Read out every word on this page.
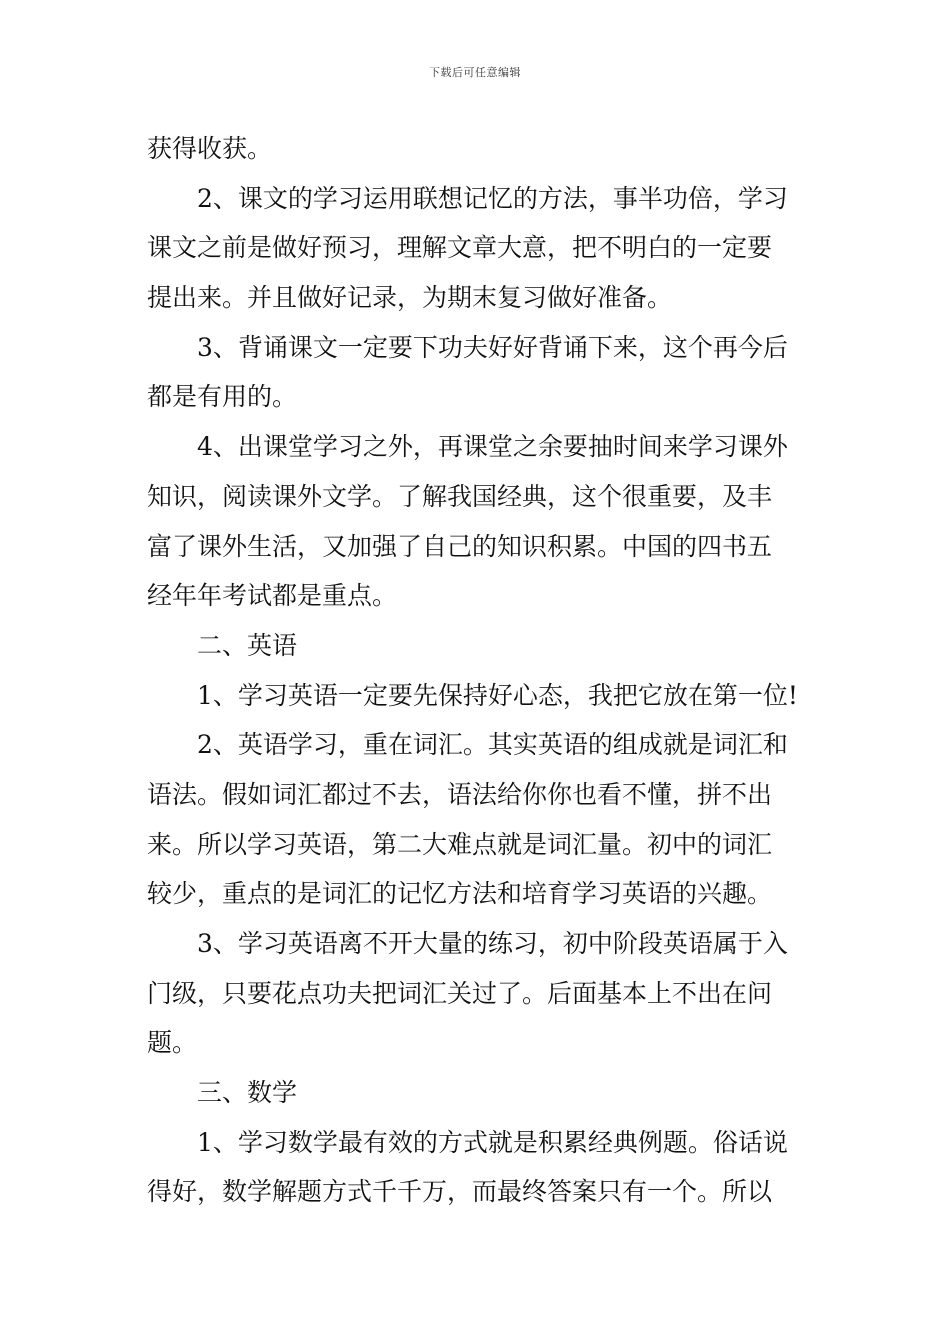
下载后可任意编辑
获得收获。
2、课文的学习运用联想记忆的方法，事半功倍，学习
课文之前是做好预习，理解文章大意，把不明白的一定要
提出来。并且做好记录，为期末复习做好准备。
3、背诵课文一定要下功夫好好背诵下来，这个再今后
都是有用的。
4、出课堂学习之外，再课堂之余要抽时间来学习课外
知识，阅读课外文学。了解我国经典，这个很重要，及丰
富了课外生活，又加强了自己的知识积累。中国的四书五
经年年考试都是重点。
二、英语
1、学习英语一定要先保持好心态，我把它放在第一位!
2、英语学习，重在词汇。其实英语的组成就是词汇和
语法。假如词汇都过不去，语法给你你也看不懂，拼不出
来。所以学习英语，第二大难点就是词汇量。初中的词汇
较少，重点的是词汇的记忆方法和培育学习英语的兴趣。
3、学习英语离不开大量的练习，初中阶段英语属于入
门级，只要花点功夫把词汇关过了。后面基本上不出在问
题。
三、数学
1、学习数学最有效的方式就是积累经典例题。俗话说
得好，数学解题方式千千万，而最终答案只有一个。所以
